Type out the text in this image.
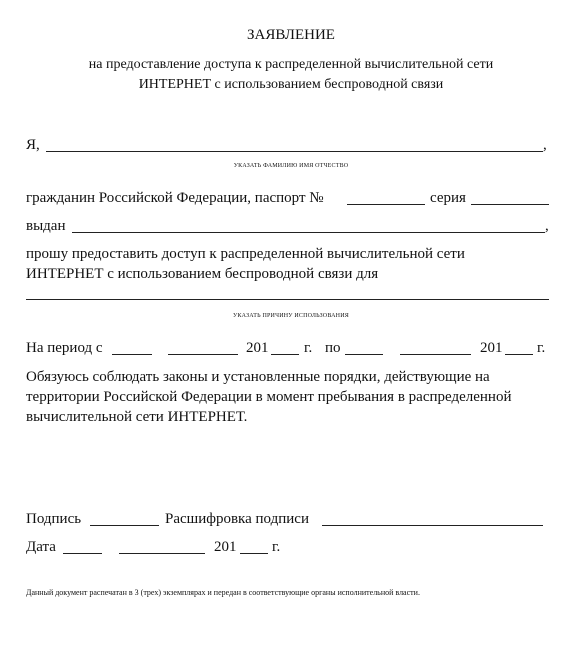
ЗАЯВЛЕНИЕ
на предоставление доступа к распределенной вычислительной сети
ИНТЕРНЕТ с использованием беспроводной связи
Я,	,
УКАЗАТЬ ФАМИЛИЮ ИМЯ ОТЧЕСТВО
гражданин Российской Федерации, паспорт №	серия
выдан	,
прошу предоставить доступ к распределенной вычислительной сети
ИНТЕРНЕТ с использованием беспроводной связи для
УКАЗАТЬ ПРИЧИНУ ИСПОЛЬЗОВАНИЯ
На период с	201 г. по	201 г.
Обязуюсь соблюдать законы и установленные порядки, действующие на
территории Российской Федерации в момент пребывания в распределенной
вычислительной сети ИНТЕРНЕТ.
Подпись	Расшифровка подписи
Дата	201 г.
Данный документ распечатан в 3 (трех) экземплярах и передан в соответствующие органы исполнительной власти.
